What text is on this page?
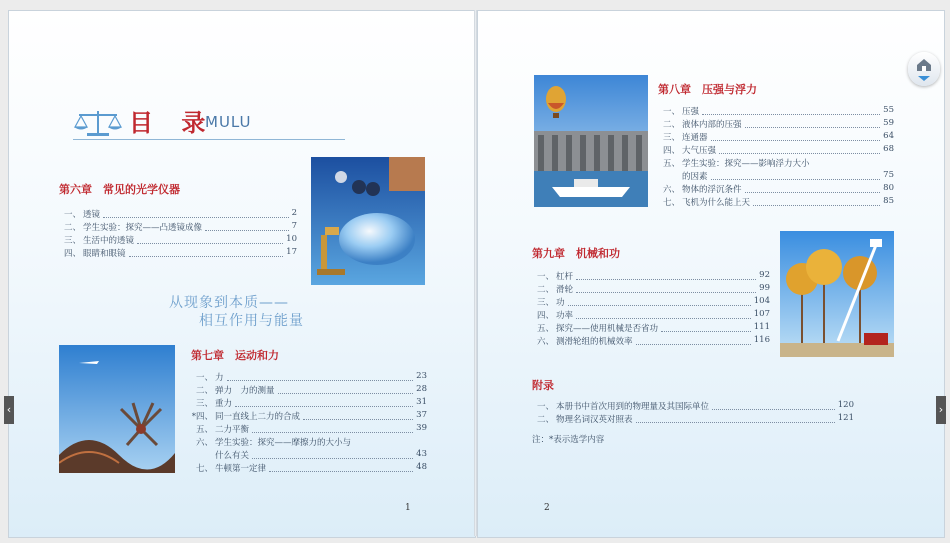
目 录
MULU
第六章　常见的光学仪器
一、 透镜	2
二、 学生实验：探究——凸透镜成像	7
三、 生活中的透镜	10
四、 眼睛和眼镜	17
从现象到本质——
相互作用与能量
第七章　运动和力
一、 力	23
二、 弹力　力的测量	28
三、 重力	31
*四、 同一直线上二力的合成	37
五、 二力平衡	39
六、 学生实验：探究——摩擦力的大小与
什么有关	43
七、 牛顿第一定律	48
1
第八章　压强与浮力
一、 压强	55
二、 液体内部的压强	59
三、 连通器	64
四、 大气压强	68
五、 学生实验：探究——影响浮力大小
的因素	75
六、 物体的浮沉条件	80
七、 飞机为什么能上天	85
第九章　机械和功
一、 杠杆	92
二、 滑轮	99
三、 功	104
四、 功率	107
五、 探究——使用机械是否省功	111
六、 测滑轮组的机械效率	116
附录
一、 本册书中首次用到的物理量及其国际单位	120
二、 物理名词汉英对照表	121
注：*表示选学内容
2
‹	›
